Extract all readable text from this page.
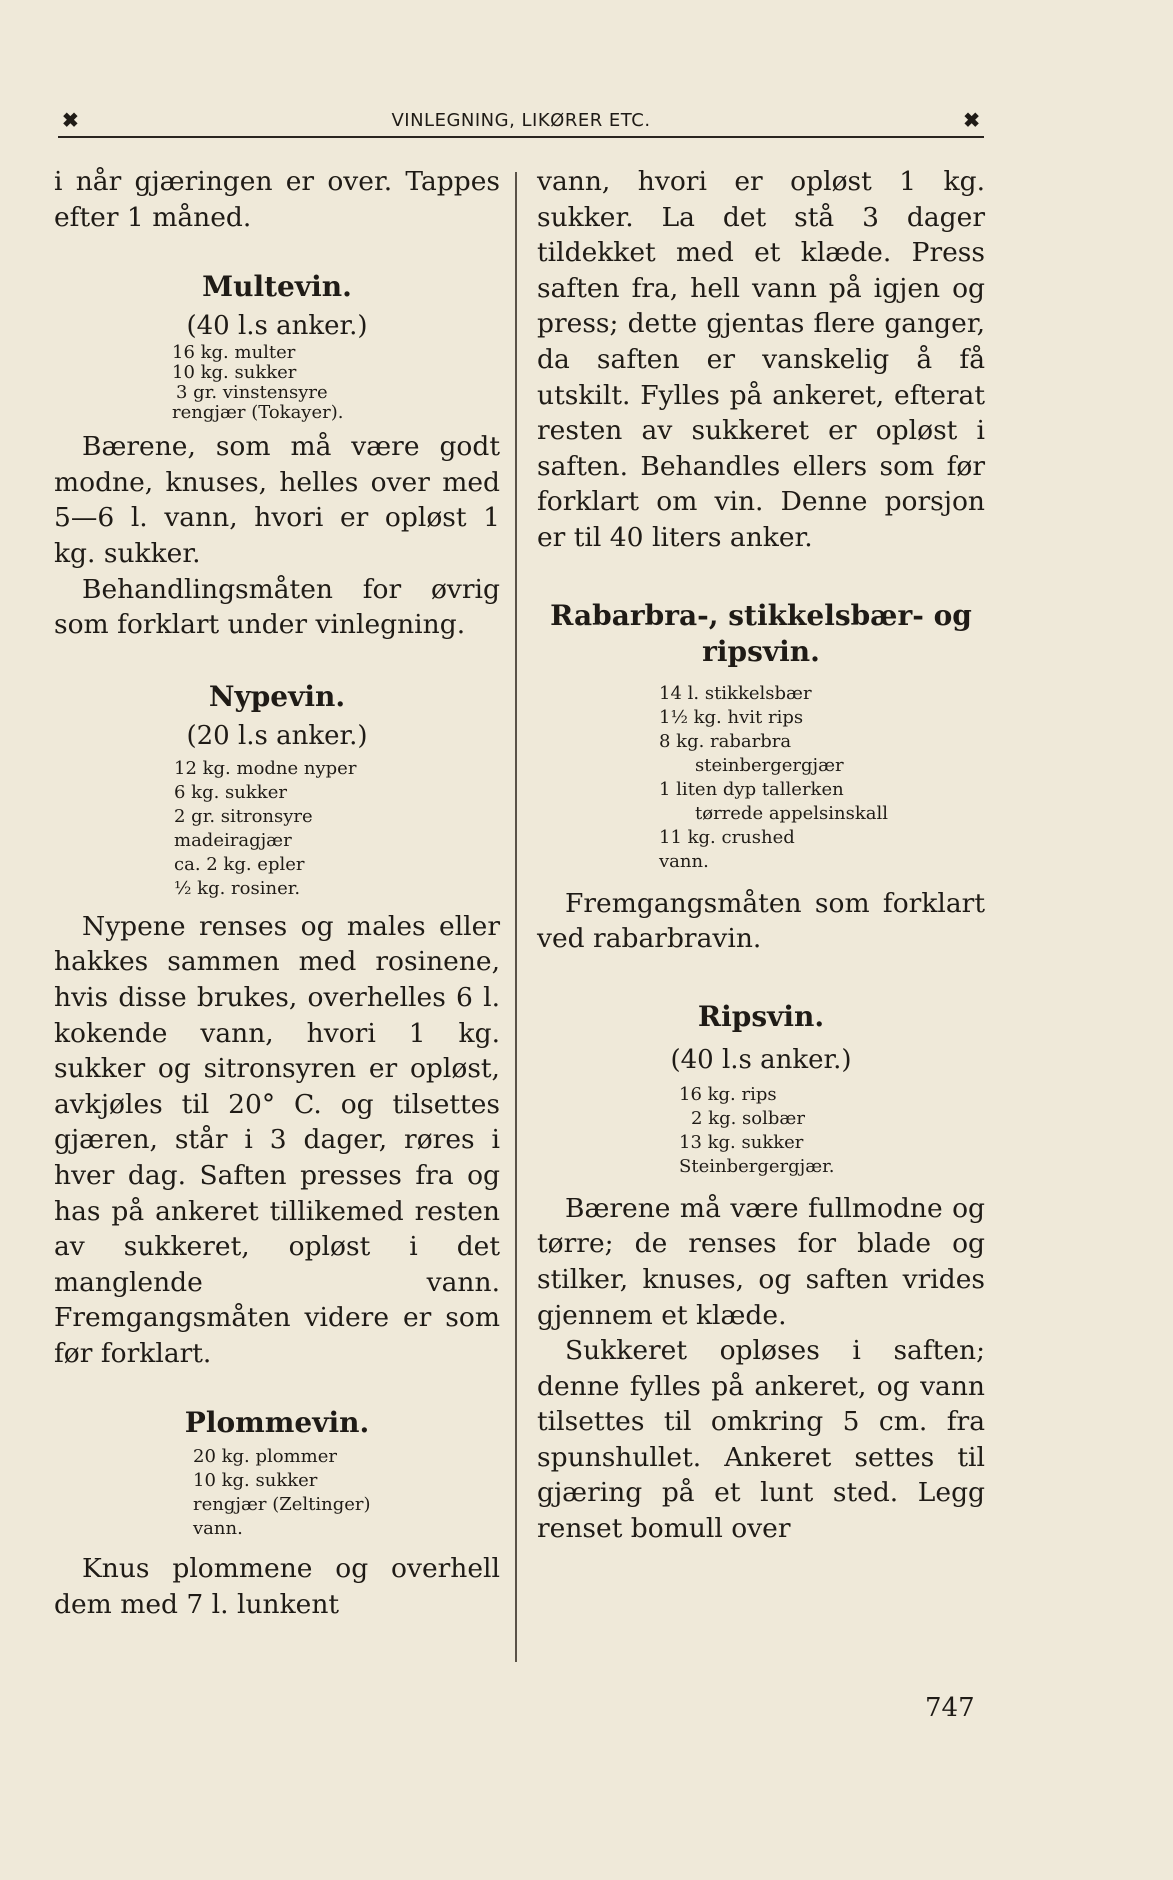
✖	VINLEGNING, LIKØRER ETC.	✖

i når gjæringen er over. Tappes efter 1 måned.

Multevin.

(40 l.s anker.)

16 kg. multer
10 kg. sukker
3 gr. vinstensyre
rengjær (Tokayer).

Bærene, som må være godt modne, knuses, helles over med 5—6 l. vann, hvori er opløst 1 kg. sukker.

Behandlingsmåten for øvrig som forklart under vinlegning.

Nypevin.

(20 l.s anker.)

12 kg. modne nyper
6 kg. sukker
2 gr. sitronsyre
madeiragjær
ca. 2 kg. epler
½ kg. rosiner.

Nypene renses og males eller hakkes sammen med rosinene, hvis disse brukes, overhelles 6 l. kokende vann, hvori 1 kg. sukker og sitronsyren er opløst, avkjøles til 20° C. og tilsettes gjæren, står i 3 dager, røres i hver dag. Saften presses fra og has på ankeret tillikemed resten av sukkeret, opløst i det manglende vann. Fremgangsmåten videre er som før forklart.

Plommevin.

20 kg. plommer
10 kg. sukker
rengjær (Zeltinger)
vann.

Knus plommene og overhell dem med 7 l. lunkent

vann, hvori er opløst 1 kg. sukker. La det stå 3 dager tildekket med et klæde. Press saften fra, hell vann på igjen og press; dette gjentas flere ganger, da saften er vanskelig å få utskilt. Fylles på ankeret, efterat resten av sukkeret er opløst i saften. Behandles ellers som før forklart om vin. Denne porsjon er til 40 liters anker.

Rabarbra-, stikkelsbær- og ripsvin.

14 l. stikkelsbær
1½ kg. hvit rips
8 kg. rabarbra
steinbergergjær
1 liten dyp tallerken
tørrede appelsinskall
11 kg. crushed
vann.

Fremgangsmåten som forklart ved rabarbravin.

Ripsvin.

(40 l.s anker.)

16 kg. rips
2 kg. solbær
13 kg. sukker
Steinbergergjær.

Bærene må være fullmodne og tørre; de renses for blade og stilker, knuses, og saften vrides gjennem et klæde.

Sukkeret opløses i saften; denne fylles på ankeret, og vann tilsettes til omkring 5 cm. fra spunshullet. Ankeret settes til gjæring på et lunt sted. Legg renset bomull over

747
